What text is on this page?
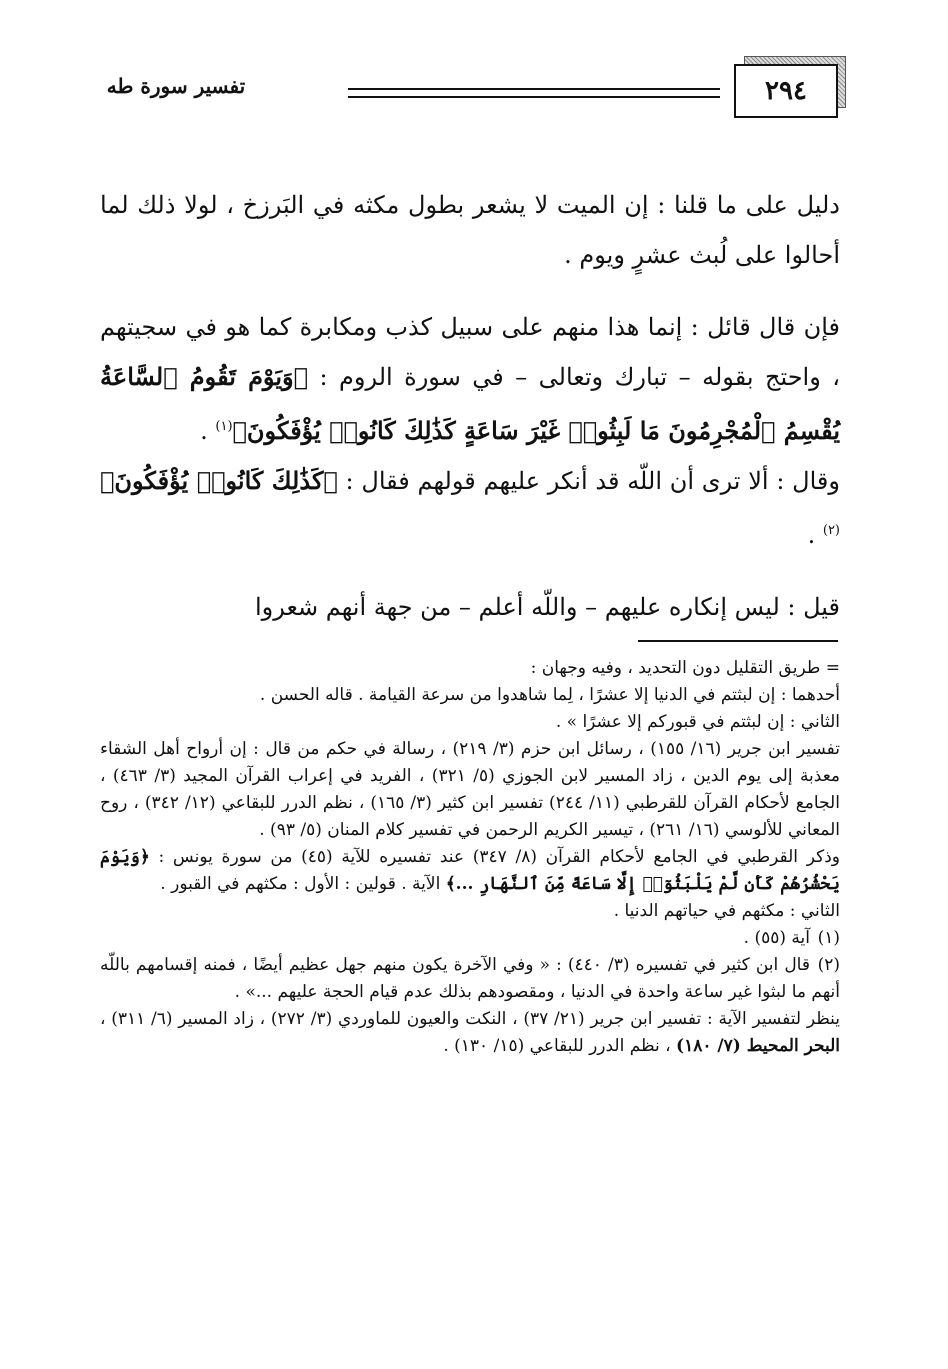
٢٩٤
تفسير سورة طه

دليل على ما قلنا : إن الميت لا يشعر بطول مكثه في البَرزخ ، لولا ذلك لما أحالوا على لُبث عشرٍ ويوم .

فإن قال قائل : إنما هذا منهم على سبيل كذب ومكابرة كما هو في سجيتهم ، واحتج بقوله – تبارك وتعالى – في سورة الروم : ﴿وَيَوْمَ تَقُومُ ٱلسَّاعَةُ يُقْسِمُ ٱلْمُجْرِمُونَ مَا لَبِثُوا۟ غَيْرَ سَاعَةٍ كَذَٰلِكَ كَانُوا۟ يُؤْفَكُونَ﴾$^{(١)}$ .
وقال : ألا ترى أن اللّه قد أنكر عليهم قولهم فقال : ﴿كَذَٰلِكَ كَانُوا۟ يُؤْفَكُونَ﴾$^{(٢)}$ .

قيل : ليس إنكاره عليهم – واللّه أعلم – من جهة أنهم شعروا

= طريق التقليل دون التحديد ، وفيه وجهان :

أحدهما : إن لبثتم في الدنيا إلا عشرًا ، لِما شاهدوا من سرعة القيامة . قاله الحسن .

الثاني : إن لبثتم في قبوركم إلا عشرًا » .

تفسير ابن جرير (١٦/ ١٥٥) ، رسائل ابن حزم (٣/ ٢١٩) ، رسالة في حكم من قال : إن أرواح أهل الشقاء معذبة إلى يوم الدين ، زاد المسير لابن الجوزي (٥/ ٣٢١) ، الفريد في إعراب القرآن المجيد (٣/ ٤٦٣) ، الجامع لأحكام القرآن للقرطبي (١١/ ٢٤٤) تفسير ابن كثير (٣/ ١٦٥) ، نظم الدرر للبقاعي (١٢/ ٣٤٢) ، روح المعاني للألوسي (١٦/ ٢٦١) ، تيسير الكريم الرحمن في تفسير كلام المنان (٥/ ٩٣) .

وذكر القرطبي في الجامع لأحكام القرآن (٨/ ٣٤٧) عند تفسيره للآية (٤٥) من سورة يونس : ﴿وَيَوْمَ يَحْشُرُهُمْ كَأَن لَّمْ يَلْبَثُوٓا۟ إِلَّا سَاعَةً مِّنَ ٱلنَّهَارِ ...﴾ الآية . قولين : الأول : مكثهم في القبور .

الثاني : مكثهم في حياتهم الدنيا .

(١)آية (٥٥) .

(٢)قال ابن كثير في تفسيره (٣/ ٤٤٠) : « وفي الآخرة يكون منهم جهل عظيم أيضًا ، فمنه إقسامهم باللّه أنهم ما لبثوا غير ساعة واحدة في الدنيا ، ومقصودهم بذلك عدم قيام الحجة عليهم ...» .

ينظر لتفسير الآية : تفسير ابن جرير (٢١/ ٣٧) ، النكت والعيون للماوردي (٣/ ٢٧٢) ، زاد المسير (٦/ ٣١١) ، البحر المحيط (٧/ ١٨٠) ، نظم الدرر للبقاعي (١٥/ ١٣٠) .
